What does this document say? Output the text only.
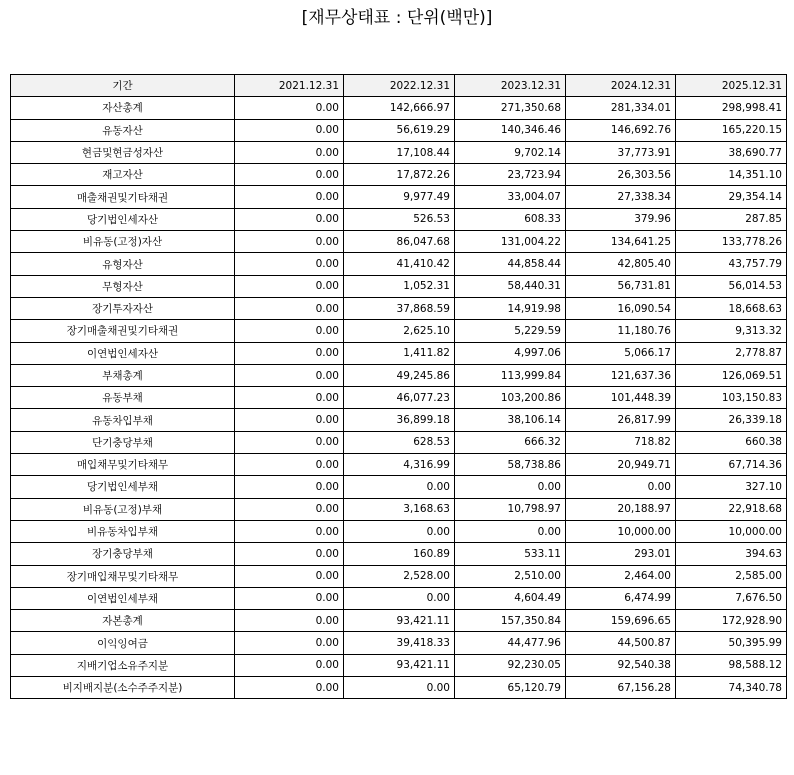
[재무상태표 : 단위(백만)]
기간	2021.12.31	2022.12.31	2023.12.31	2024.12.31	2025.12.31
자산총계	0.00	142,666.97	271,350.68	281,334.01	298,998.41
유동자산	0.00	56,619.29	140,346.46	146,692.76	165,220.15
현금및현금성자산	0.00	17,108.44	9,702.14	37,773.91	38,690.77
재고자산	0.00	17,872.26	23,723.94	26,303.56	14,351.10
매출채권및기타채권	0.00	9,977.49	33,004.07	27,338.34	29,354.14
당기법인세자산	0.00	526.53	608.33	379.96	287.85
비유동(고정)자산	0.00	86,047.68	131,004.22	134,641.25	133,778.26
유형자산	0.00	41,410.42	44,858.44	42,805.40	43,757.79
무형자산	0.00	1,052.31	58,440.31	56,731.81	56,014.53
장기투자자산	0.00	37,868.59	14,919.98	16,090.54	18,668.63
장기매출채권및기타채권	0.00	2,625.10	5,229.59	11,180.76	9,313.32
이연법인세자산	0.00	1,411.82	4,997.06	5,066.17	2,778.87
부채총계	0.00	49,245.86	113,999.84	121,637.36	126,069.51
유동부채	0.00	46,077.23	103,200.86	101,448.39	103,150.83
유동차입부채	0.00	36,899.18	38,106.14	26,817.99	26,339.18
단기충당부채	0.00	628.53	666.32	718.82	660.38
매입채무및기타채무	0.00	4,316.99	58,738.86	20,949.71	67,714.36
당기법인세부채	0.00	0.00	0.00	0.00	327.10
비유동(고정)부채	0.00	3,168.63	10,798.97	20,188.97	22,918.68
비유동차입부채	0.00	0.00	0.00	10,000.00	10,000.00
장기충당부채	0.00	160.89	533.11	293.01	394.63
장기매입채무및기타채무	0.00	2,528.00	2,510.00	2,464.00	2,585.00
이연법인세부채	0.00	0.00	4,604.49	6,474.99	7,676.50
자본총계	0.00	93,421.11	157,350.84	159,696.65	172,928.90
이익잉여금	0.00	39,418.33	44,477.96	44,500.87	50,395.99
지배기업소유주지분	0.00	93,421.11	92,230.05	92,540.38	98,588.12
비지배지분(소수주주지분)	0.00	0.00	65,120.79	67,156.28	74,340.78
